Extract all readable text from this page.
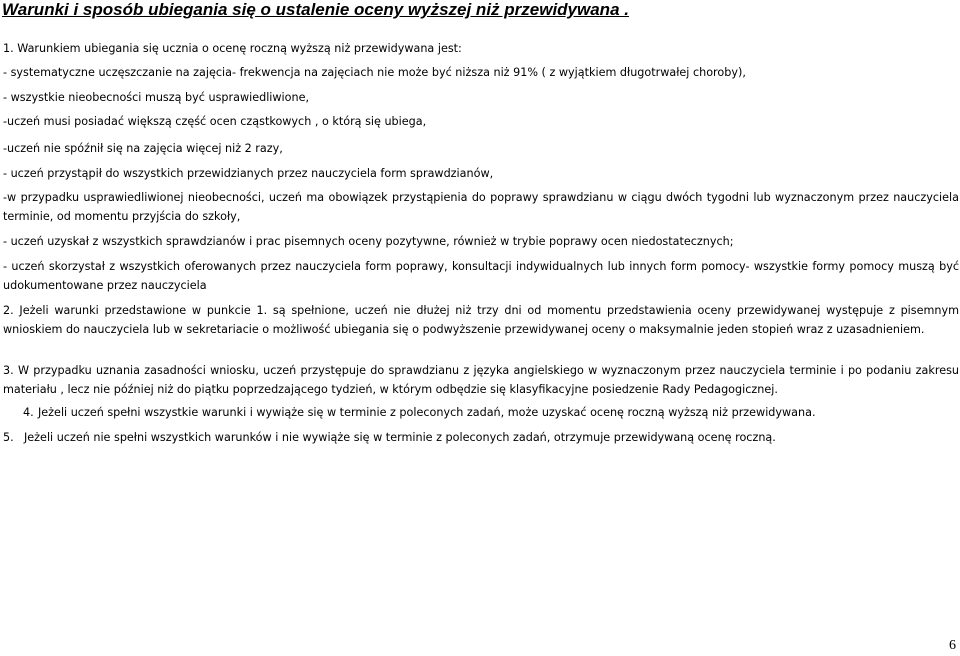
Warunki i sposób ubiegania się o ustalenie oceny wyższej niż przewidywana .
1. Warunkiem ubiegania się ucznia o ocenę roczną wyższą niż przewidywana jest:
- systematyczne uczęszczanie na zajęcia- frekwencja na zajęciach nie może być niższa niż 91% ( z wyjątkiem długotrwałej choroby),
- wszystkie nieobecności muszą być usprawiedliwione,
-uczeń musi posiadać większą część ocen cząstkowych , o którą się ubiega,
-uczeń nie spóźnił się na zajęcia więcej niż 2 razy,
- uczeń przystąpił do wszystkich przewidzianych przez nauczyciela form sprawdzianów,
-w przypadku usprawiedliwionej nieobecności, uczeń ma obowiązek przystąpienia do poprawy sprawdzianu w ciągu dwóch tygodni lub wyznaczonym przez nauczyciela terminie, od momentu przyjścia do szkoły,
- uczeń uzyskał z wszystkich sprawdzianów i prac pisemnych oceny pozytywne, również w trybie poprawy ocen niedostatecznych;
- uczeń skorzystał z wszystkich oferowanych przez nauczyciela form poprawy, konsultacji indywidualnych lub innych form pomocy- wszystkie formy pomocy muszą być udokumentowane przez nauczyciela
2. Jeżeli warunki przedstawione w punkcie 1. są spełnione, uczeń nie dłużej niż trzy dni od momentu przedstawienia oceny przewidywanej występuje z pisemnym wnioskiem do nauczyciela lub w sekretariacie o możliwość ubiegania się o podwyższenie przewidywanej oceny o maksymalnie jeden stopień wraz z uzasadnieniem.
3. W przypadku uznania zasadności wniosku, uczeń przystępuje do sprawdzianu z języka angielskiego w wyznaczonym przez nauczyciela terminie i po podaniu zakresu materiału , lecz nie później niż do piątku poprzedzającego tydzień, w którym odbędzie się klasyfikacyjne posiedzenie Rady Pedagogicznej.
4. Jeżeli uczeń spełni wszystkie warunki i wywiąże się w terminie z poleconych zadań, może uzyskać ocenę roczną wyższą niż przewidywana.
5. Jeżeli uczeń nie spełni wszystkich warunków i nie wywiąże się w terminie z poleconych zadań, otrzymuje przewidywaną ocenę roczną.
6
